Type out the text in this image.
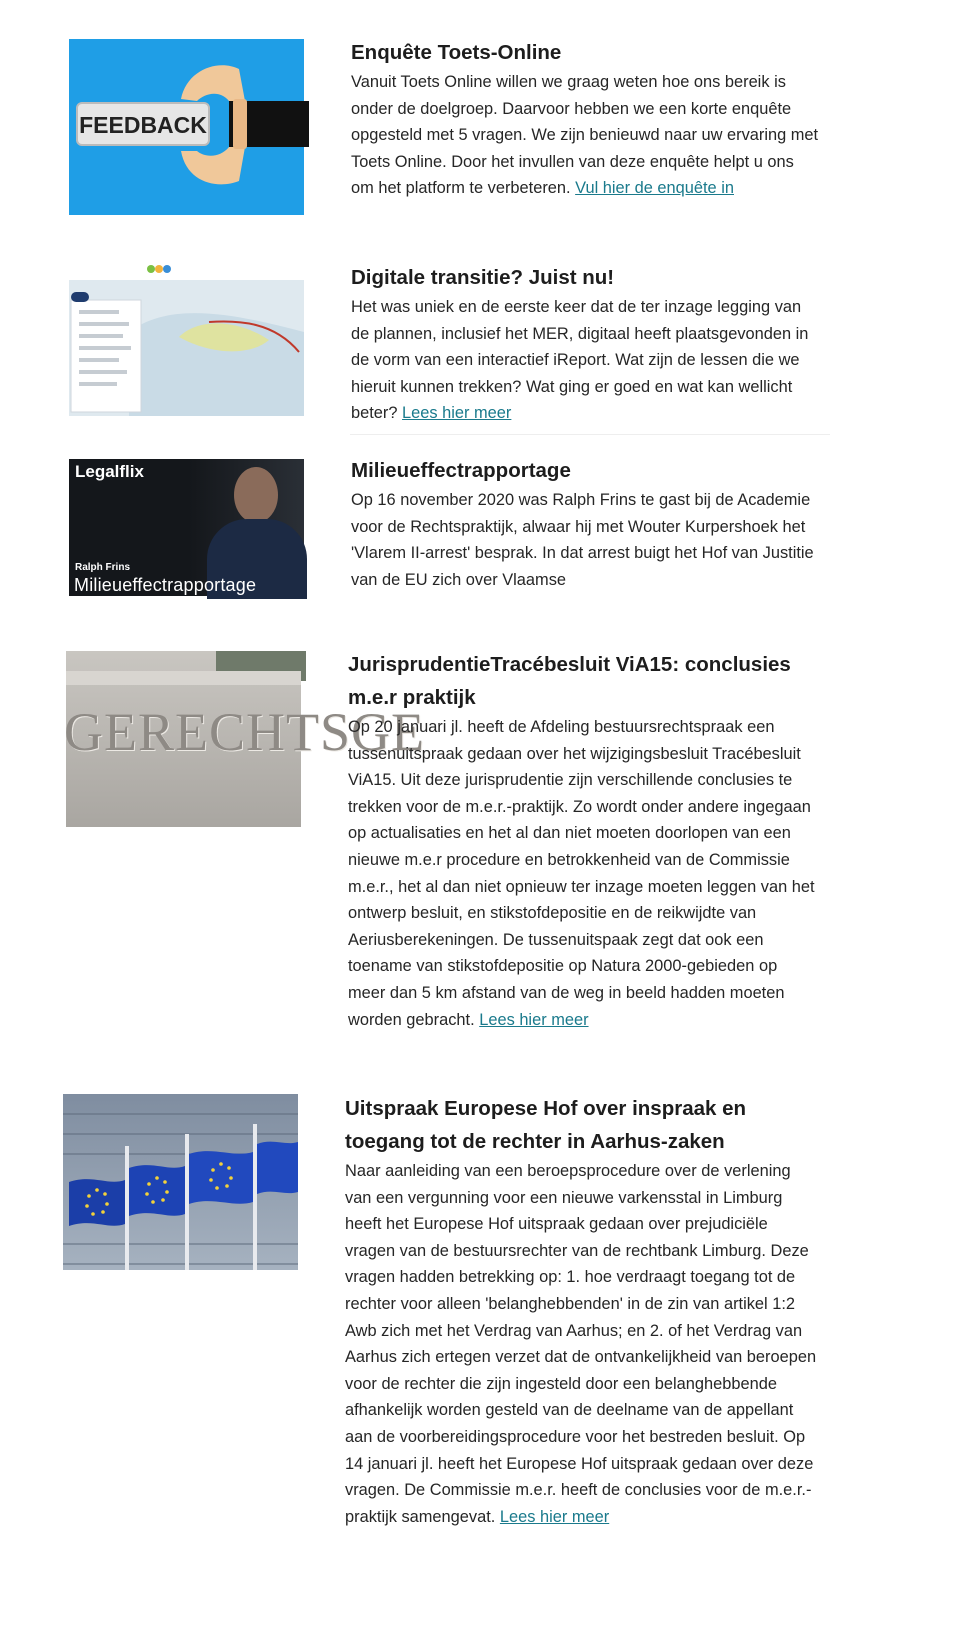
FEEDBACK
Enquête Toets-Online

Vanuit Toets Online willen we graag weten hoe ons bereik is onder de doelgroep. Daarvoor hebben we een korte enquête opgesteld met 5 vragen. We zijn benieuwd naar uw ervaring met Toets Online. Door het invullen van deze enquête helpt u ons om het platform te verbeteren. Vul hier de enquête in

Digitale transitie? Juist nu!

Het was uniek en de eerste keer dat de ter inzage legging van de plannen, inclusief het MER, digitaal heeft plaatsgevonden in de vorm van een interactief iReport. Wat zijn de lessen die we hieruit kunnen trekken? Wat ging er goed en wat kan wellicht beter? Lees hier meer

Legalflix
Ralph Frins
Milieueffectrapportage
Milieueffectrapportage

Op 16 november 2020 was Ralph Frins te gast bij de Academie voor de Rechtspraktijk, alwaar hij met Wouter Kurpershoek het 'Vlarem II-arrest' besprak. In dat arrest buigt het Hof van Justitie van de EU zich over Vlaamse

GERECHTSGE
JurisprudentieTracébesluit ViA15: conclusies m.e.r praktijk

Op 20 januari jl. heeft de Afdeling bestuursrechtspraak een tussenuitspraak gedaan over het wijzigingsbesluit Tracébesluit ViA15. Uit deze jurisprudentie zijn verschillende conclusies te trekken voor de m.e.r.-praktijk. Zo wordt onder andere ingegaan op actualisaties en het al dan niet moeten doorlopen van een nieuwe m.e.r procedure en betrokkenheid van de Commissie m.e.r., het al dan niet opnieuw ter inzage moeten leggen van het ontwerp besluit, en stikstofdepositie en de reikwijdte van Aeriusberekeningen. De tussenuitspaak zegt dat ook een toename van stikstofdepositie op Natura 2000-gebieden op meer dan 5 km afstand van de weg in beeld hadden moeten worden gebracht. Lees hier meer

Uitspraak Europese Hof over inspraak en toegang tot de rechter in Aarhus-zaken

Naar aanleiding van een beroepsprocedure over de verlening van een vergunning voor een nieuwe varkensstal in Limburg heeft het Europese Hof uitspraak gedaan over prejudiciële vragen van de bestuursrechter van de rechtbank Limburg. Deze vragen hadden betrekking op: 1. hoe verdraagt toegang tot de rechter voor alleen 'belanghebbenden' in de zin van artikel 1:2 Awb zich met het Verdrag van Aarhus; en 2. of het Verdrag van Aarhus zich ertegen verzet dat de ontvankelijkheid van beroepen voor de rechter die zijn ingesteld door een belanghebbende afhankelijk worden gesteld van de deelname van de appellant aan de voorbereidingsprocedure voor het bestreden besluit. Op 14 januari jl. heeft het Europese Hof uitspraak gedaan over deze vragen. De Commissie m.e.r. heeft de conclusies voor de m.e.r.- praktijk samengevat. Lees hier meer
